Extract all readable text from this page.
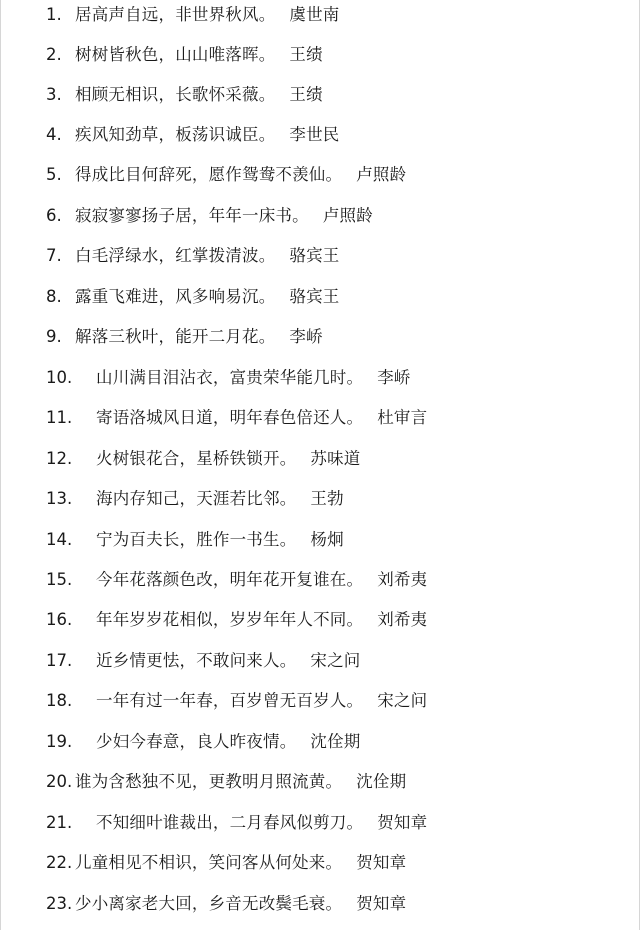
1. 居高声自远，非世界秋风。 虞世南
2. 树树皆秋色，山山唯落晖。 王绩
3. 相顾无相识，长歌怀采薇。 王绩
4. 疾风知劲草，板荡识诚臣。 李世民
5. 得成比目何辞死，愿作鸳鸯不羡仙。 卢照龄
6. 寂寂寥寥扬子居，年年一床书。 卢照龄
7. 白毛浮绿水，红掌拨清波。 骆宾王
8. 露重飞难进，风多响易沉。 骆宾王
9. 解落三秋叶，能开二月花。 李峤
10. 山川满目泪沾衣，富贵荣华能几时。 李峤
11. 寄语洛城风日道，明年春色倍还人。 杜审言
12. 火树银花合，星桥铁锁开。 苏味道
13. 海内存知己，天涯若比邻。 王勃
14. 宁为百夫长，胜作一书生。 杨炯
15. 今年花落颜色改，明年花开复谁在。 刘希夷
16. 年年岁岁花相似，岁岁年年人不同。 刘希夷
17. 近乡情更怯，不敢问来人。 宋之问
18. 一年有过一年春，百岁曾无百岁人。 宋之问
19. 少妇今春意，良人昨夜情。 沈佺期
20. 谁为含愁独不见，更教明月照流黄。 沈佺期
21. 不知细叶谁裁出，二月春风似剪刀。 贺知章
22. 儿童相见不相识，笑问客从何处来。 贺知章
23. 少小离家老大回，乡音无改鬓毛衰。 贺知章
